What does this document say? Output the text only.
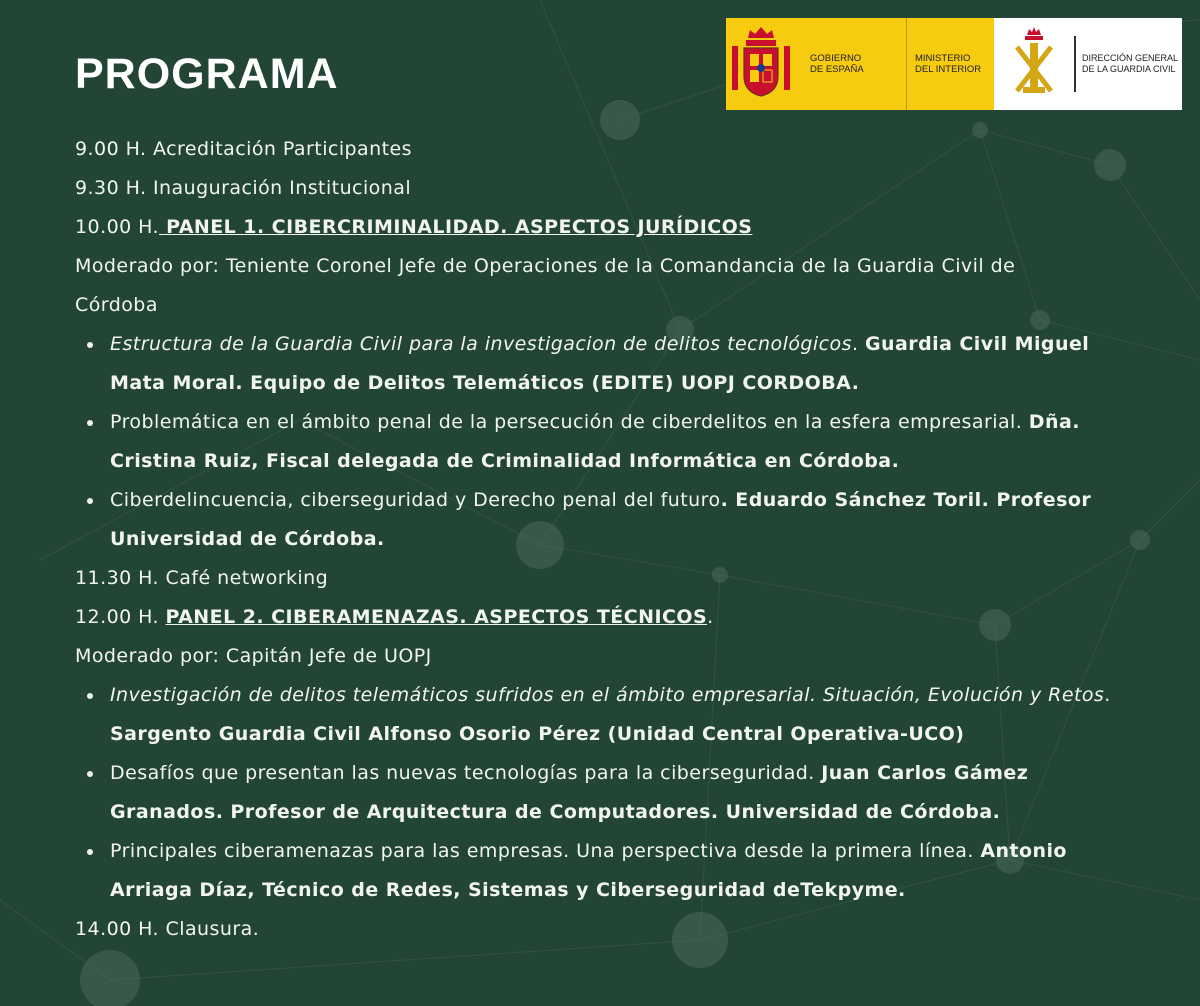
PROGRAMA	GOBIERNO
DE ESPAÑA
MINISTERIO
DEL INTERIOR
DIRECCIÓN GENERAL
DE LA GUARDIA CIVIL

9.00 H. Acreditación Participantes

9.30 H. Inauguración Institucional

10.00 H. PANEL 1. CIBERCRIMINALIDAD. ASPECTOS JURÍDICOS

Moderado por: Teniente Coronel Jefe de Operaciones de la Comandancia de la Guardia Civil de

Córdoba

Estructura de la Guardia Civil para la investigacion de delitos tecnológicos. Guardia Civil Miguel
Mata Moral. Equipo de Delitos Telemáticos (EDITE) UOPJ CORDOBA.
Problemática en el ámbito penal de la persecución de ciberdelitos en la esfera empresarial. Dña.
Cristina Ruiz, Fiscal delegada de Criminalidad Informática en Córdoba.
Ciberdelincuencia, ciberseguridad y Derecho penal del futuro. Eduardo Sánchez Toril. Profesor
Universidad de Córdoba.

11.30 H. Café networking

12.00 H. PANEL 2. CIBERAMENAZAS. ASPECTOS TÉCNICOS.

Moderado por: Capitán Jefe de UOPJ

Investigación de delitos telemáticos sufridos en el ámbito empresarial. Situación, Evolución y Retos.
Sargento Guardia Civil Alfonso Osorio Pérez (Unidad Central Operativa-UCO)
Desafíos que presentan las nuevas tecnologías para la ciberseguridad. Juan Carlos Gámez
Granados. Profesor de Arquitectura de Computadores. Universidad de Córdoba.
Principales ciberamenazas para las empresas. Una perspectiva desde la primera línea. Antonio
Arriaga Díaz, Técnico de Redes, Sistemas y Ciberseguridad deTekpyme.

14.00 H. Clausura.
